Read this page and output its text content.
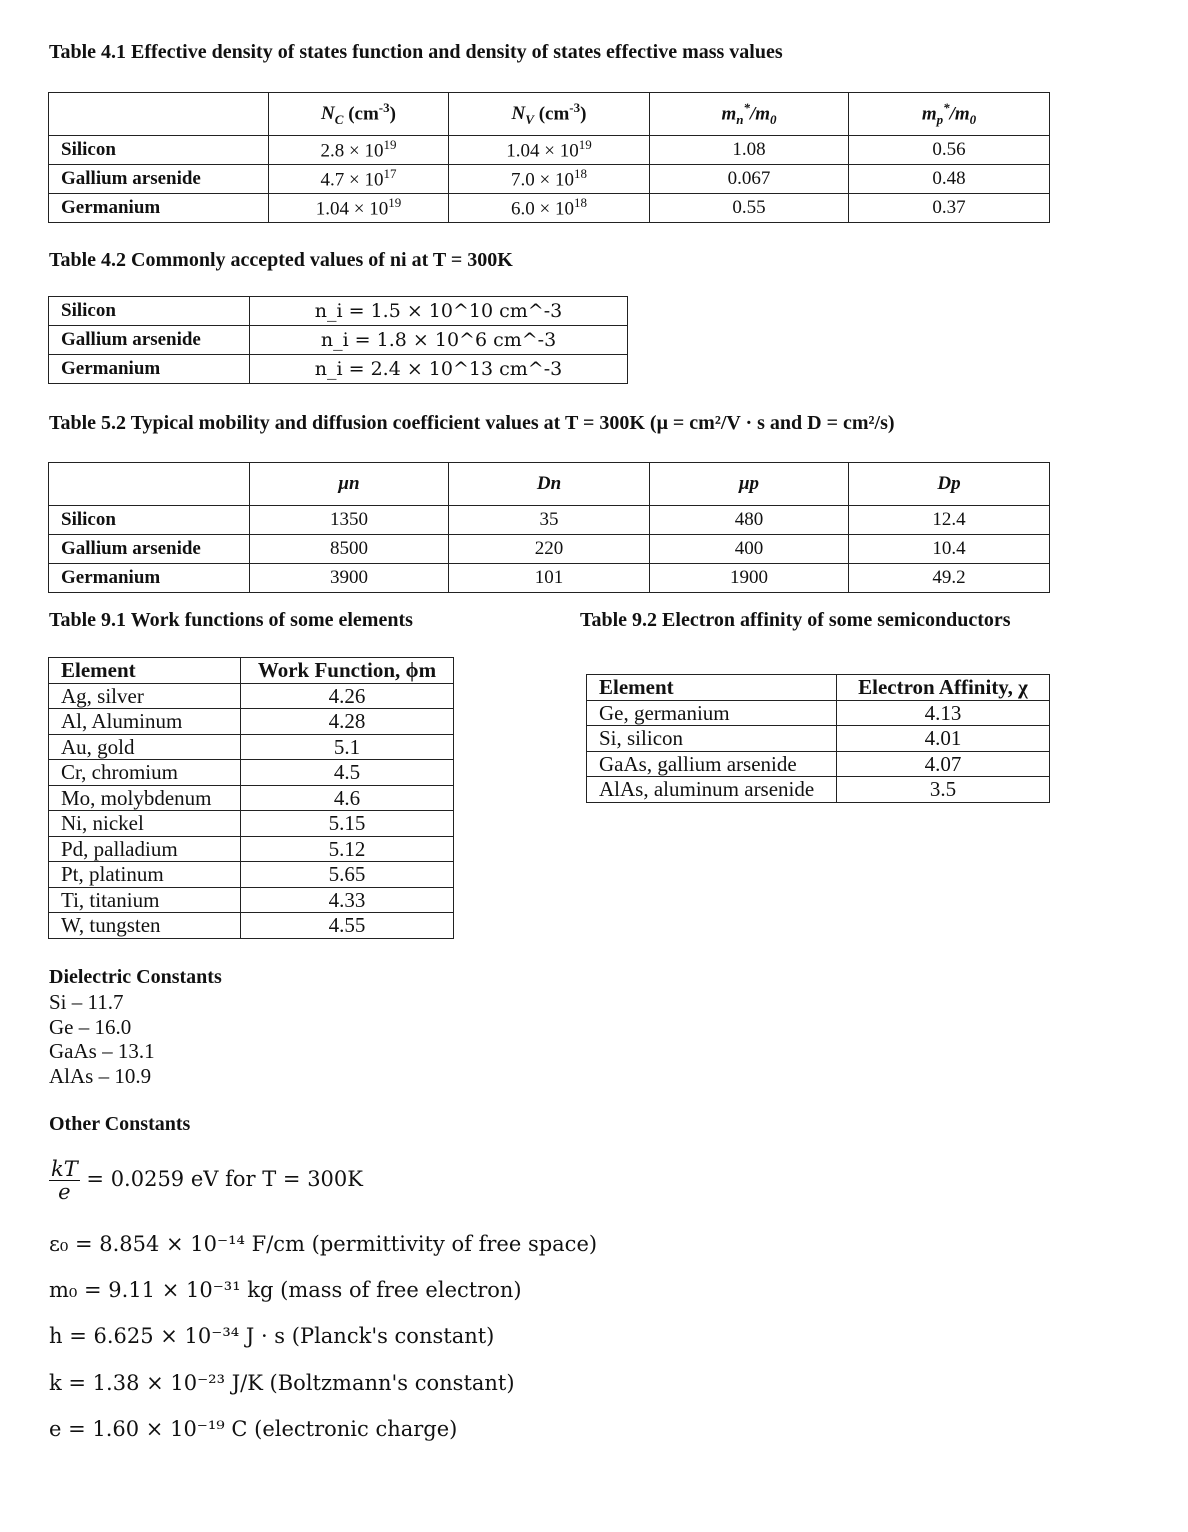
Table 4.1 Effective density of states function and density of states effective mass values
	$N_C$ $(cm^{-3})$	$N_V$ $(cm^{-3})$	$m_n^*/m_0$	$m_p^*/m_0$
Silicon	$2.8 \times 10^{19}$	$1.04 \times 10^{19}$	1.08	0.56
Gallium arsenide	$4.7 \times 10^{17}$	$7.0 \times 10^{18}$	0.067	0.48
Germanium	$1.04 \times 10^{19}$	$6.0 \times 10^{18}$	0.55	0.37
Table 4.2 Commonly accepted values of ni at T = 300K
Silicon	n_i = 1.5 × 10^10 cm^-3
Gallium arsenide	n_i = 1.8 × 10^6 cm^-3
Germanium	n_i = 2.4 × 10^13 cm^-3
Table 5.2 Typical mobility and diffusion coefficient values at T = 300K (μ = cm²/V · s and D = cm²/s)
	μn	Dn	μp	Dp
Silicon	1350	35	480	12.4
Gallium arsenide	8500	220	400	10.4
Germanium	3900	101	1900	49.2
Table 9.1 Work functions of some elements
Element	Work Function, ϕm
Ag, silver	4.26
Al, Aluminum	4.28
Au, gold	5.1
Cr, chromium	4.5
Mo, molybdenum	4.6
Ni, nickel	5.15
Pd, palladium	5.12
Pt, platinum	5.65
Ti, titanium	4.33
W, tungsten	4.55
Table 9.2 Electron affinity of some semiconductors
Element	Electron Affinity, χ
Ge, germanium	4.13
Si, silicon	4.01
GaAs, gallium arsenide	4.07
AlAs, aluminum arsenide	3.5
Dielectric Constants
Si – 11.7
Ge – 16.0
GaAs – 13.1
AlAs – 10.9
Other Constants
$\frac{kT}{e} = 0.0259$ eV for T = 300K
ε₀ = 8.854 × 10⁻¹⁴ F/cm (permittivity of free space)
m₀ = 9.11 × 10⁻³¹ kg (mass of free electron)
h = 6.625 × 10⁻³⁴ J · s (Planck's constant)
k = 1.38 × 10⁻²³ J/K (Boltzmann's constant)
e = 1.60 × 10⁻¹⁹ C (electronic charge)
